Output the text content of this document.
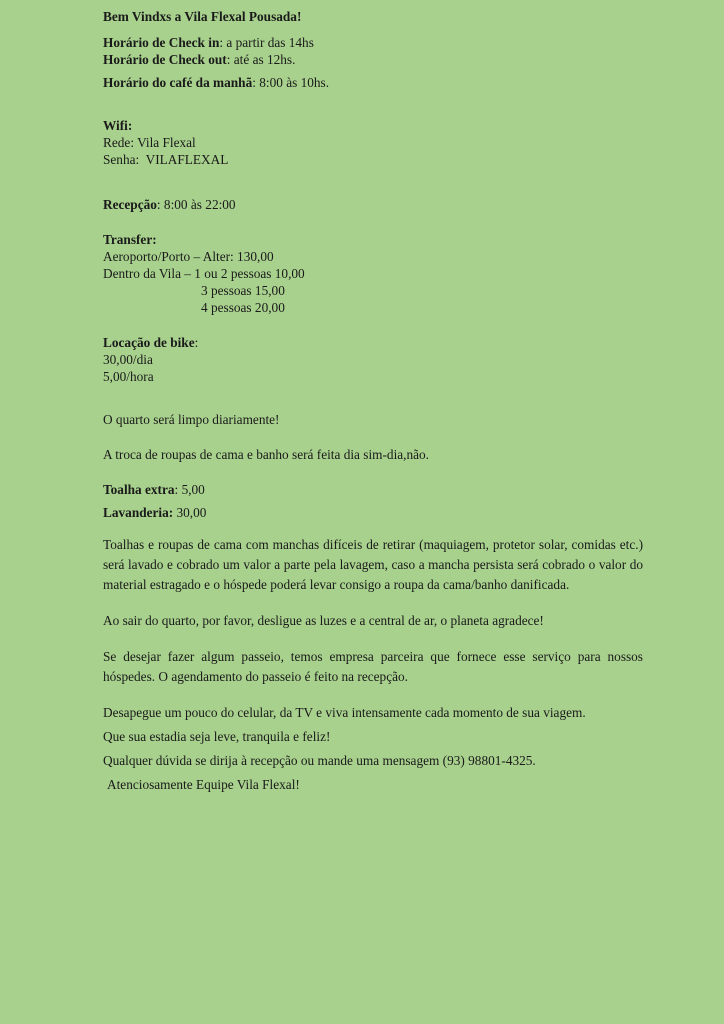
Bem Vindxs a Vila Flexal Pousada!

Horário de Check in: a partir das 14hs

Horário de Check out: até as 12hs.

Horário do café da manhã: 8:00 às 10hs.

Wifi:

Rede: Vila Flexal

Senha:  VILAFLEXAL

Recepção: 8:00 às 22:00

Transfer:

Aeroporto/Porto – Alter: 130,00

Dentro da Vila – 1 ou 2 pessoas 10,00

3 pessoas 15,00

4 pessoas 20,00

Locação de bike:

30,00/dia

5,00/hora

O quarto será limpo diariamente!

A troca de roupas de cama e banho será feita dia sim-dia,não.

Toalha extra: 5,00

Lavanderia: 30,00

Toalhas e roupas de cama com manchas difíceis de retirar (maquiagem, protetor solar, comidas etc.) será lavado e cobrado um valor a parte pela lavagem, caso a mancha persista será cobrado o valor do material estragado e o hóspede poderá levar consigo a roupa da cama/banho danificada.

Ao sair do quarto, por favor, desligue as luzes e a central de ar, o planeta agradece!

Se desejar fazer algum passeio, temos empresa parceira que fornece esse serviço para nossos hóspedes. O agendamento do passeio é feito na recepção.

Desapegue um pouco do celular, da TV e viva intensamente cada momento de sua viagem.

Que sua estadia seja leve, tranquila e feliz!

Qualquer dúvida se dirija à recepção ou mande uma mensagem (93) 98801-4325.

Atenciosamente Equipe Vila Flexal!
